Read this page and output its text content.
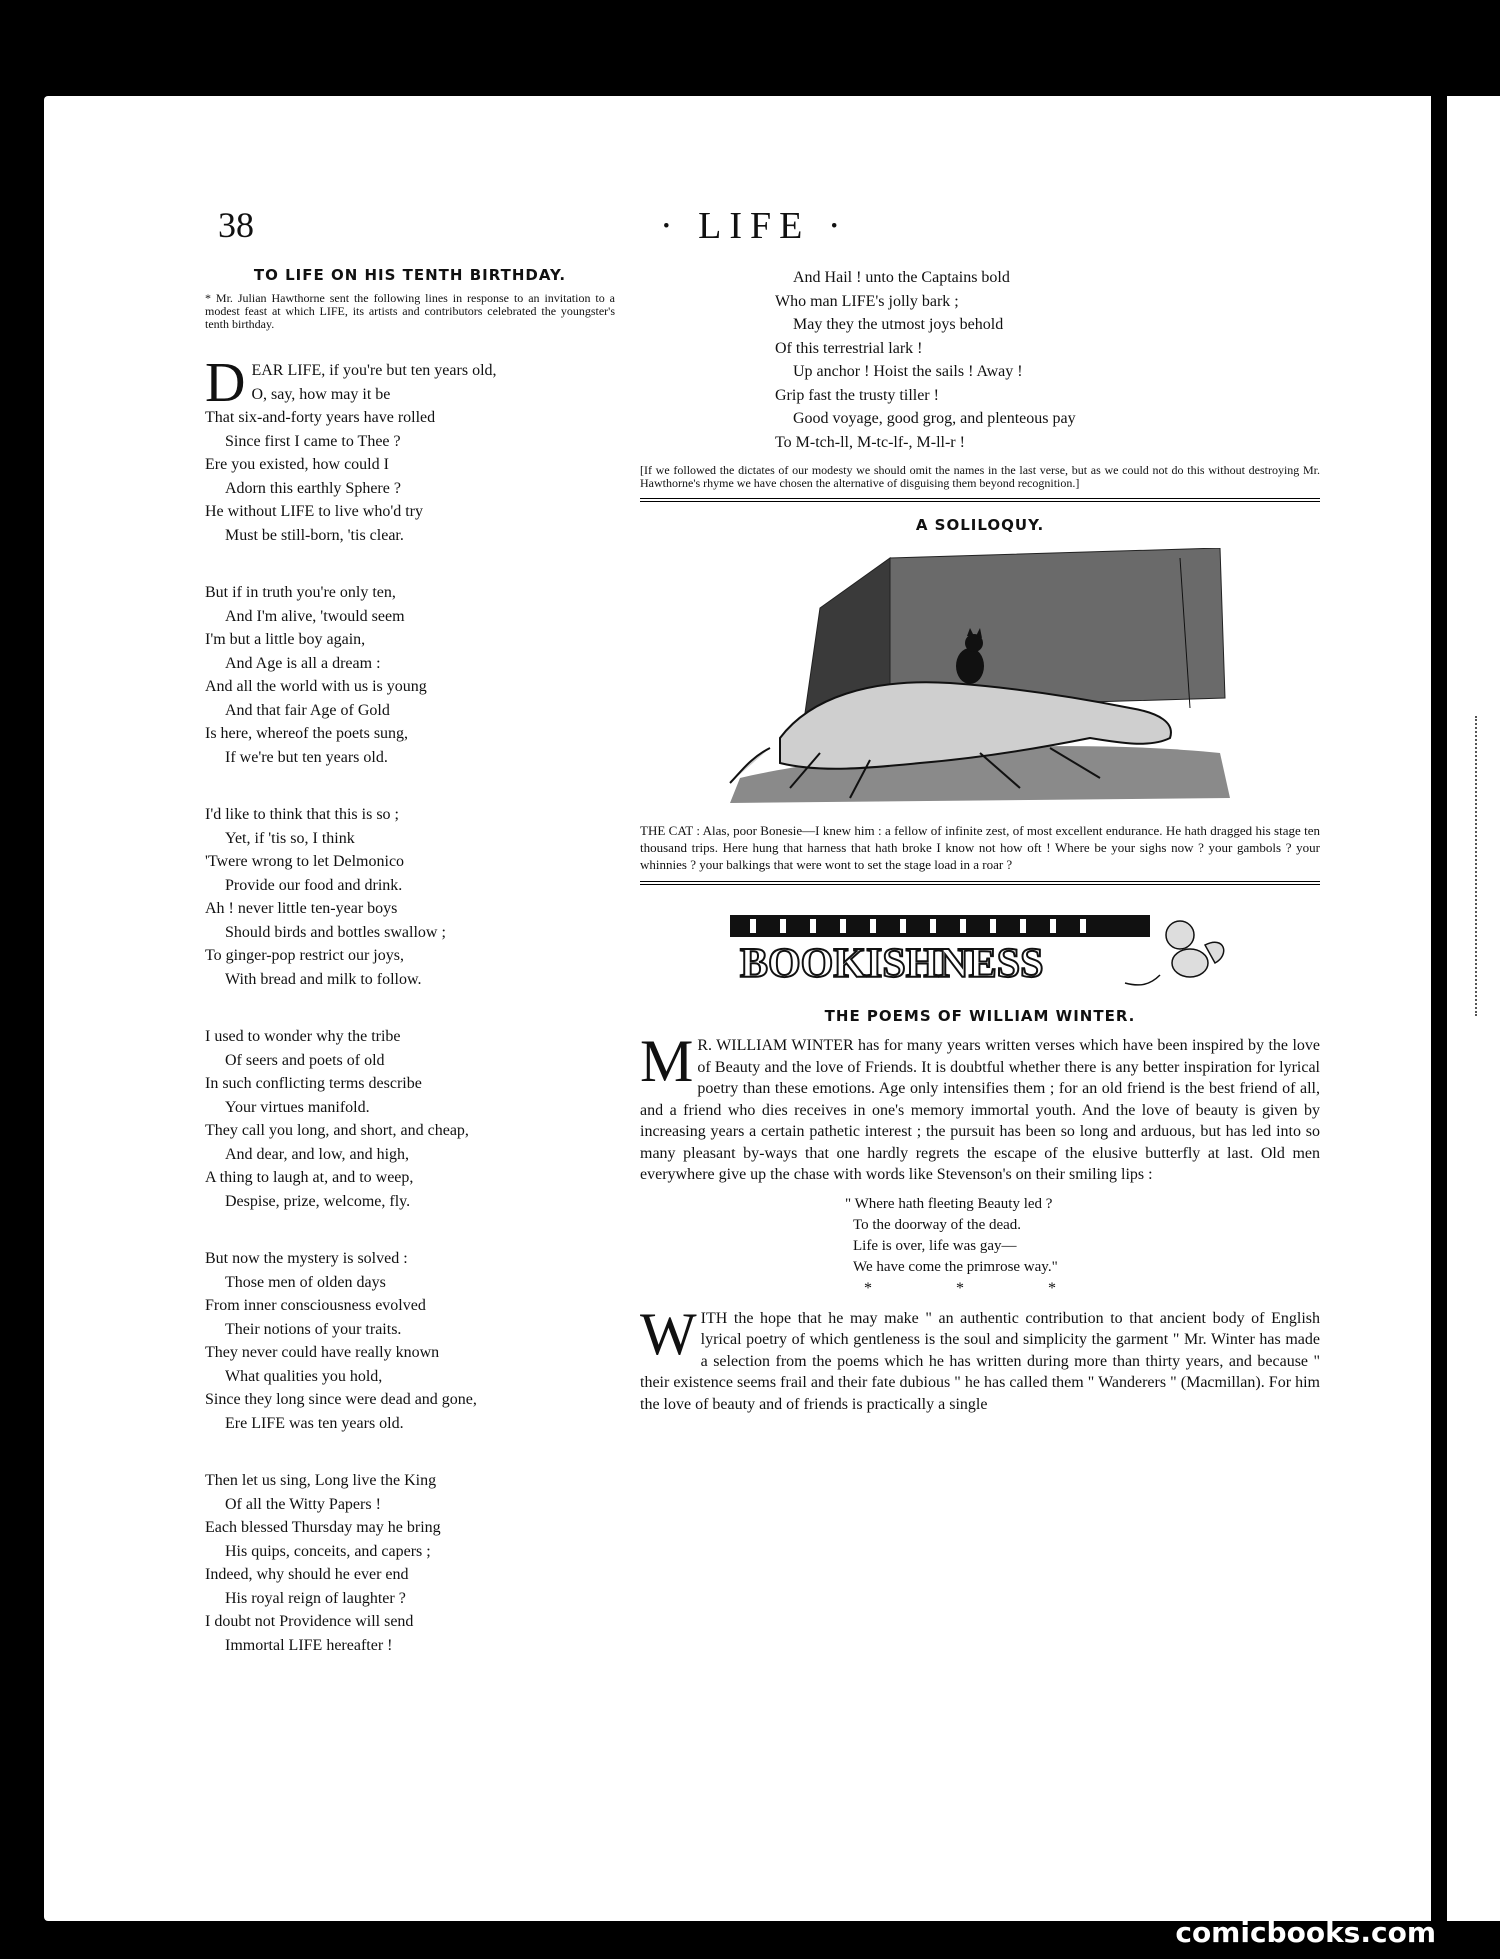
38	· LIFE ·
TO LIFE ON HIS TENTH BIRTHDAY.
* Mr. Julian Hawthorne sent the following lines in response to an invitation to a modest feast at which LIFE, its artists and contributors celebrated the youngster's tenth birthday.
D EAR LIFE, if you're but ten years old,
O, say, how may it be
That six-and-forty years have rolled
Since first I came to Thee ?
Ere you existed, how could I
Adorn this earthly Sphere ?
He without LIFE to live who'd try
Must be still-born, 'tis clear.
But if in truth you're only ten,
And I'm alive, 'twould seem
I'm but a little boy again,
And Age is all a dream :
And all the world with us is young
And that fair Age of Gold
Is here, whereof the poets sung,
If we're but ten years old.
I'd like to think that this is so ;
Yet, if 'tis so, I think
'Twere wrong to let Delmonico
Provide our food and drink.
Ah ! never little ten-year boys
Should birds and bottles swallow ;
To ginger-pop restrict our joys,
With bread and milk to follow.
I used to wonder why the tribe
Of seers and poets of old
In such conflicting terms describe
Your virtues manifold.
They call you long, and short, and cheap,
And dear, and low, and high,
A thing to laugh at, and to weep,
Despise, prize, welcome, fly.
But now the mystery is solved :
Those men of olden days
From inner consciousness evolved
Their notions of your traits.
They never could have really known
What qualities you hold,
Since they long since were dead and gone,
Ere LIFE was ten years old.
Then let us sing, Long live the King
Of all the Witty Papers !
Each blessed Thursday may he bring
His quips, conceits, and capers ;
Indeed, why should he ever end
His royal reign of laughter ?
I doubt not Providence will send
Immortal LIFE hereafter !
And Hail ! unto the Captains bold
Who man LIFE's jolly bark ;
May they the utmost joys behold
Of this terrestrial lark !
Up anchor ! Hoist the sails ! Away !
Grip fast the trusty tiller !
Good voyage, good grog, and plenteous pay
To M-tch-ll, M-tc-lf-, M-ll-r !
[If we followed the dictates of our modesty we should omit the names in the last verse, but as we could not do this without destroying Mr. Hawthorne's rhyme we have chosen the alternative of disguising them beyond recognition.]
A SOLILOQUY.
THE CAT : Alas, poor Bonesie—I knew him : a fellow of infinite zest, of most excellent endurance. He hath dragged his stage ten thousand trips. Here hung that harness that hath broke I know not how oft ! Where be your sighs now ? your gambols ? your whinnies ? your balkings that were wont to set the stage load in a roar ?
BOOKISHNESS
THE POEMS OF WILLIAM WINTER.
M R. WILLIAM WINTER has for many years written verses which have been inspired by the love of Beauty and the love of Friends. It is doubtful whether there is any better inspiration for lyrical poetry than these emotions. Age only intensifies them ; for an old friend is the best friend of all, and a friend who dies receives in one's memory immortal youth. And the love of beauty is given by increasing years a certain pathetic interest ; the pursuit has been so long and arduous, but has led into so many pleasant by-ways that one hardly regrets the escape of the elusive butterfly at last. Old men everywhere give up the chase with words like Stevenson's on their smiling lips :
" Where hath fleeting Beauty led ?
To the doorway of the dead.
Life is over, life was gay—
We have come the primrose way."
* * *
WITH the hope that he may make " an authentic contribution to that ancient body of English lyrical poetry of which gentleness is the soul and simplicity the garment " Mr. Winter has made a selection from the poems which he has written during more than thirty years, and because " their existence seems frail and their fate dubious " he has called them " Wanderers " (Macmillan). For him the love of beauty and of friends is practically a single
comicbooks.com
